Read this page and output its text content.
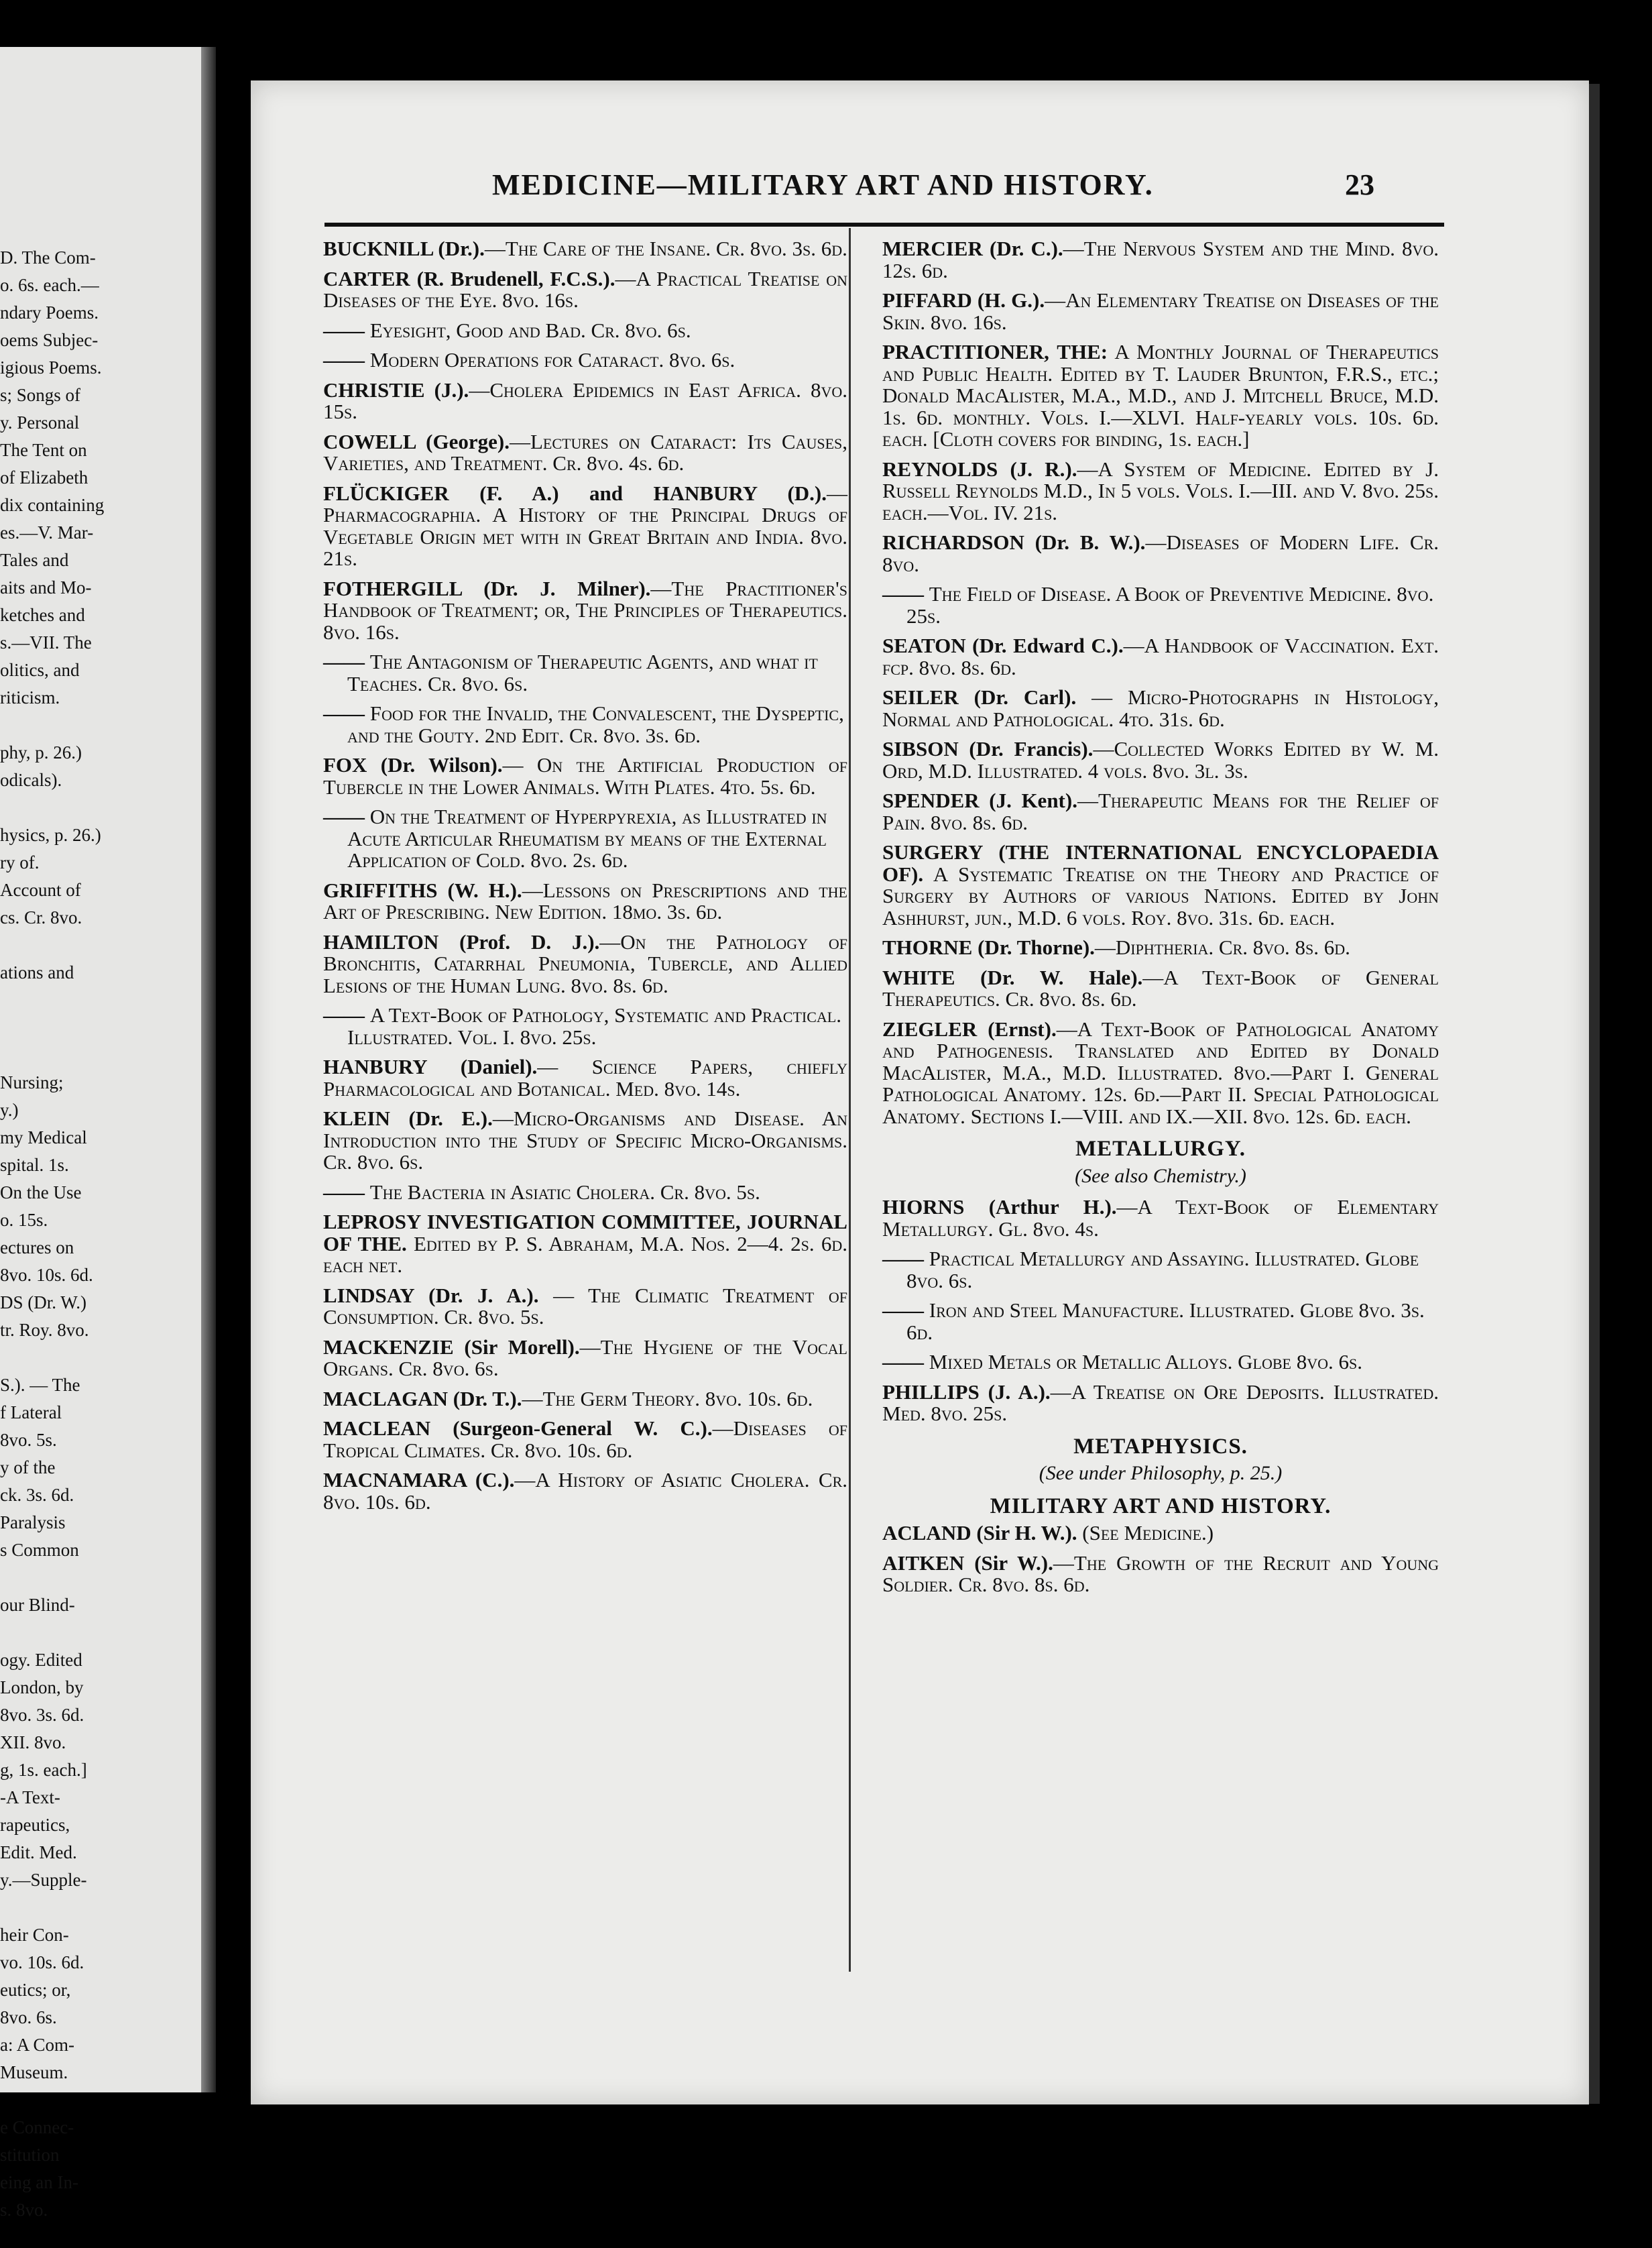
D. The Com-
o. 6s. each.—
ndary Poems.
oems Subjec-
igious Poems.
s; Songs of
y. Personal
The Tent on
of Elizabeth
dix containing
es.—V. Mar-
Tales and
aits and Mo-
ketches and
s.—VII. The
olitics, and
riticism.
phy, p. 26.)
odicals).
hysics, p. 26.)
ry of.
Account of
cs. Cr. 8vo.
ations and
Nursing;
y.)
my Medical
spital. 1s.
On the Use
o. 15s.
ectures on
8vo. 10s. 6d.
DS (Dr. W.)
tr. Roy. 8vo.
S.). — The
f Lateral
8vo. 5s.
y of the
ck. 3s. 6d.
Paralysis
s Common
our Blind-
ogy. Edited
London, by
8vo. 3s. 6d.
XII. 8vo.
g, 1s. each.]
-A Text-
rapeutics,
Edit. Med.
y.—Supple-
heir Con-
vo. 10s. 6d.
eutics; or,
8vo. 6s.
a: A Com-
Museum.
e Connec-
stitution
eing an In-
s. 8vo.
MEDICINE—MILITARY ART AND HISTORY.	23
BUCKNILL (Dr.).—The Care of the Insane. Cr. 8vo. 3s. 6d.
CARTER (R. Brudenell, F.C.S.).—A Practical Treatise on Diseases of the Eye. 8vo. 16s.
—— Eyesight, Good and Bad. Cr. 8vo. 6s.
—— Modern Operations for Cataract. 8vo. 6s.
CHRISTIE (J.).—Cholera Epidemics in East Africa. 8vo. 15s.
COWELL (George).—Lectures on Cataract: Its Causes, Varieties, and Treatment. Cr. 8vo. 4s. 6d.
FLÜCKIGER (F. A.) and HANBURY (D.).—Pharmacographia. A History of the Principal Drugs of Vegetable Origin met with in Great Britain and India. 8vo. 21s.
FOTHERGILL (Dr. J. Milner).—The Practitioner's Handbook of Treatment; or, The Principles of Therapeutics. 8vo. 16s.
—— The Antagonism of Therapeutic Agents, and what it Teaches. Cr. 8vo. 6s.
—— Food for the Invalid, the Convalescent, the Dyspeptic, and the Gouty. 2nd Edit. Cr. 8vo. 3s. 6d.
FOX (Dr. Wilson).— On the Artificial Production of Tubercle in the Lower Animals. With Plates. 4to. 5s. 6d.
—— On the Treatment of Hyperpyrexia, as Illustrated in Acute Articular Rheumatism by means of the External Application of Cold. 8vo. 2s. 6d.
GRIFFITHS (W. H.).—Lessons on Prescriptions and the Art of Prescribing. New Edition. 18mo. 3s. 6d.
HAMILTON (Prof. D. J.).—On the Pathology of Bronchitis, Catarrhal Pneumonia, Tubercle, and Allied Lesions of the Human Lung. 8vo. 8s. 6d.
—— A Text-Book of Pathology, Systematic and Practical. Illustrated. Vol. I. 8vo. 25s.
HANBURY (Daniel).— Science Papers, chiefly Pharmacological and Botanical. Med. 8vo. 14s.
KLEIN (Dr. E.).—Micro-Organisms and Disease. An Introduction into the Study of Specific Micro-Organisms. Cr. 8vo. 6s.
—— The Bacteria in Asiatic Cholera. Cr. 8vo. 5s.
LEPROSY INVESTIGATION COMMITTEE, JOURNAL OF THE. Edited by P. S. Abraham, M.A. Nos. 2—4. 2s. 6d. each net.
LINDSAY (Dr. J. A.). — The Climatic Treatment of Consumption. Cr. 8vo. 5s.
MACKENZIE (Sir Morell).—The Hygiene of the Vocal Organs. Cr. 8vo. 6s.
MACLAGAN (Dr. T.).—The Germ Theory. 8vo. 10s. 6d.
MACLEAN (Surgeon-General W. C.).—Diseases of Tropical Climates. Cr. 8vo. 10s. 6d.
MACNAMARA (C.).—A History of Asiatic Cholera. Cr. 8vo. 10s. 6d.
MERCIER (Dr. C.).—The Nervous System and the Mind. 8vo. 12s. 6d.
PIFFARD (H. G.).—An Elementary Treatise on Diseases of the Skin. 8vo. 16s.
PRACTITIONER, THE: A Monthly Journal of Therapeutics and Public Health. Edited by T. Lauder Brunton, F.R.S., etc.; Donald MacAlister, M.A., M.D., and J. Mitchell Bruce, M.D. 1s. 6d. monthly. Vols. I.—XLVI. Half-yearly vols. 10s. 6d. each. [Cloth covers for binding, 1s. each.]
REYNOLDS (J. R.).—A System of Medicine. Edited by J. Russell Reynolds M.D., In 5 vols. Vols. I.—III. and V. 8vo. 25s. each.—Vol. IV. 21s.
RICHARDSON (Dr. B. W.).—Diseases of Modern Life. Cr. 8vo.
—— The Field of Disease. A Book of Preventive Medicine. 8vo. 25s.
SEATON (Dr. Edward C.).—A Handbook of Vaccination. Ext. fcp. 8vo. 8s. 6d.
SEILER (Dr. Carl). — Micro-Photographs in Histology, Normal and Pathological. 4to. 31s. 6d.
SIBSON (Dr. Francis).—Collected Works Edited by W. M. Ord, M.D. Illustrated. 4 vols. 8vo. 3l. 3s.
SPENDER (J. Kent).—Therapeutic Means for the Relief of Pain. 8vo. 8s. 6d.
SURGERY (THE INTERNATIONAL ENCYCLOPAEDIA OF). A Systematic Treatise on the Theory and Practice of Surgery by Authors of various Nations. Edited by John Ashhurst, jun., M.D. 6 vols. Roy. 8vo. 31s. 6d. each.
THORNE (Dr. Thorne).—Diphtheria. Cr. 8vo. 8s. 6d.
WHITE (Dr. W. Hale).—A Text-Book of General Therapeutics. Cr. 8vo. 8s. 6d.
ZIEGLER (Ernst).—A Text-Book of Pathological Anatomy and Pathogenesis. Translated and Edited by Donald MacAlister, M.A., M.D. Illustrated. 8vo.—Part I. General Pathological Anatomy. 12s. 6d.—Part II. Special Pathological Anatomy. Sections I.—VIII. and IX.—XII. 8vo. 12s. 6d. each.
METALLURGY.
(See also Chemistry.)
HIORNS (Arthur H.).—A Text-Book of Elementary Metallurgy. Gl. 8vo. 4s.
—— Practical Metallurgy and Assaying. Illustrated. Globe 8vo. 6s.
—— Iron and Steel Manufacture. Illustrated. Globe 8vo. 3s. 6d.
—— Mixed Metals or Metallic Alloys. Globe 8vo. 6s.
PHILLIPS (J. A.).—A Treatise on Ore Deposits. Illustrated. Med. 8vo. 25s.
METAPHYSICS.
(See under Philosophy, p. 25.)
MILITARY ART AND HISTORY.
ACLAND (Sir H. W.). (See Medicine.)
AITKEN (Sir W.).—The Growth of the Recruit and Young Soldier. Cr. 8vo. 8s. 6d.
